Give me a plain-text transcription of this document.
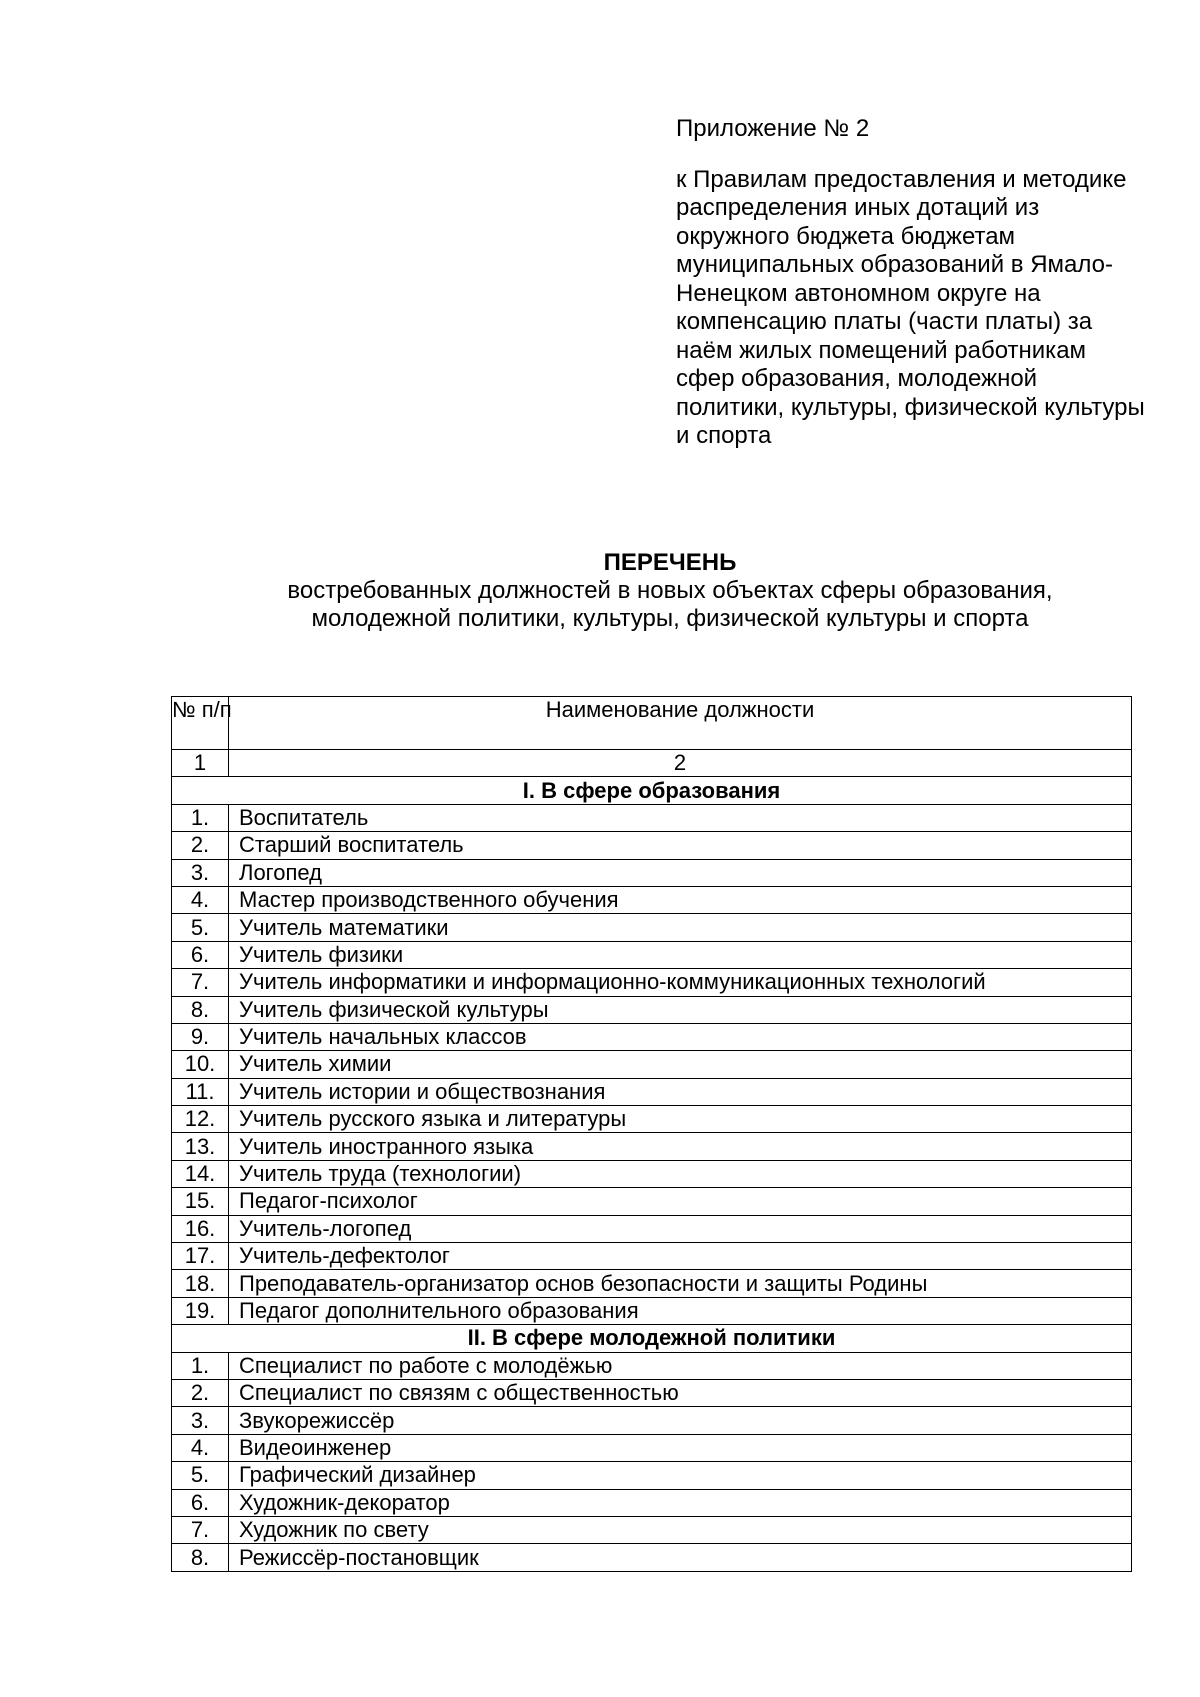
Приложение № 2

к Правилам предоставления и методике распределения иных дотаций из окружного бюджета бюджетам муниципальных образований в Ямало-Ненецком автономном округе на компенсацию платы (части платы) за наём жилых помещений работникам сфер образования, молодежной политики, культуры, физической культуры и спорта

ПЕРЕЧЕНЬ
востребованных должностей в новых объектах сферы образования,
молодежной политики, культуры, физической культуры и спорта
№ п/п	Наименование должности
1	2
I. В сфере образования	
1.	Воспитатель
2.	Старший воспитатель
3.	Логопед
4.	Мастер производственного обучения
5.	Учитель математики
6.	Учитель физики
7.	Учитель информатики и информационно-коммуникационных технологий
8.	Учитель физической культуры
9.	Учитель начальных классов
10.	Учитель химии
11.	Учитель истории и обществознания
12.	Учитель русского языка и литературы
13.	Учитель иностранного языка
14.	Учитель труда (технологии)
15.	Педагог-психолог
16.	Учитель-логопед
17.	Учитель-дефектолог
18.	Преподаватель-организатор основ безопасности и защиты Родины
19.	Педагог дополнительного образования
II. В сфере молодежной политики	
1.	Специалист по работе с молодёжью
2.	Специалист по связям с общественностью
3.	Звукорежиссёр
4.	Видеоинженер
5.	Графический дизайнер
6.	Художник-декоратор
7.	Художник по свету
8.	Режиссёр-постановщик
